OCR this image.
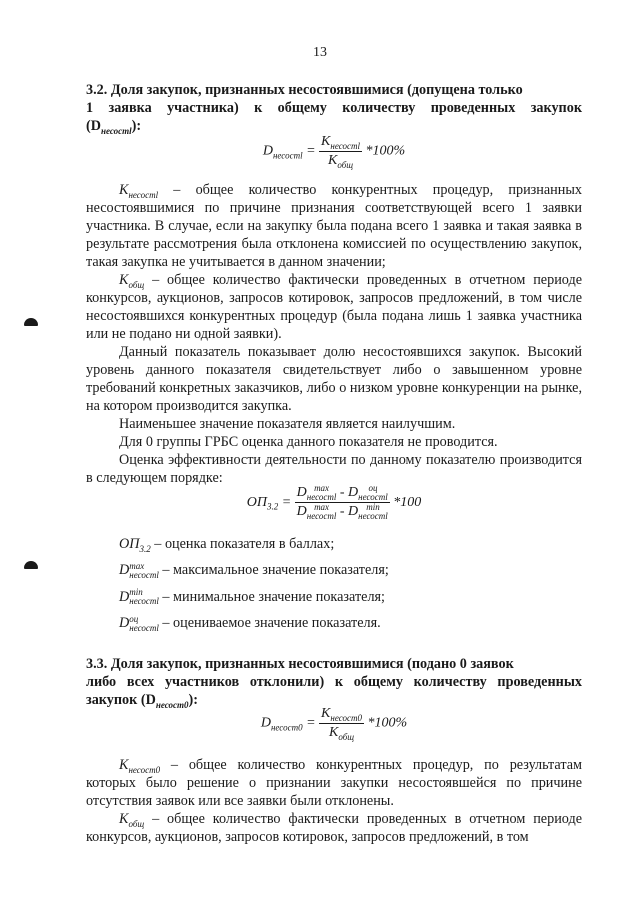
13

3.2. Доля закупок, признанных несостоявшимися (допущена только
1 заявка участника) к общему количеству проведенных закупок
$(D_{несостl})$:

$D_{несостl} = \frac{K_{несостl}}{K_{общ}} *100\%$

$K_{несостl}$ – общее количество конкурентных процедур, признанных несостоявшимися по причине признания соответствующей всего 1 заявки участника. В случае, если на закупку была подана всего 1 заявка и такая заявка в результате рассмотрения была отклонена комиссией по осуществлению закупок, такая закупка не учитывается в данном значении;

$K_{общ}$ – общее количество фактически проведенных в отчетном периоде конкурсов, аукционов, запросов котировок, запросов предложений, в том числе несостоявшихся конкурентных процедур (была подана лишь 1 заявка участника или не подано ни одной заявки).

Данный показатель показывает долю несостоявшихся закупок. Высокий уровень данного показателя свидетельствует либо о завышенном уровне требований конкретных заказчиков, либо о низком уровне конкуренции на рынке, на котором производится закупка.

Наименьшее значение показателя является наилучшим.

Для 0 группы ГРБС оценка данного показателя не проводится.

Оценка эффективности деятельности по данному показателю производится в следующем порядке:

$ОП_{3.2} = D$ max
несостl - D	оц
несостl
D max
несостl - D min
несостl *100

$ОП_{3.2}$ – оценка показателя в баллах;

D max
несостl – максимальное значение показателя;

D min
несостl – минимальное значение показателя;

D оц
несостl – оцениваемое значение показателя.

3.3. Доля закупок, признанных несостоявшимися (подано 0 заявок
либо всех участников отклонили) к общему количеству проведенных
закупок $(D_{несост0})$:

$D_{несост0} = \frac{K_{несост0}}{K_{общ}} *100\%$

$K_{несост0}$ – общее количество конкурентных процедур, по результатам которых было решение о признании закупки несостоявшейся по причине отсутствия заявок или все заявки были отклонены.

$K_{общ}$ – общее количество фактически проведенных в отчетном периоде конкурсов, аукционов, запросов котировок, запросов предложений, в том
